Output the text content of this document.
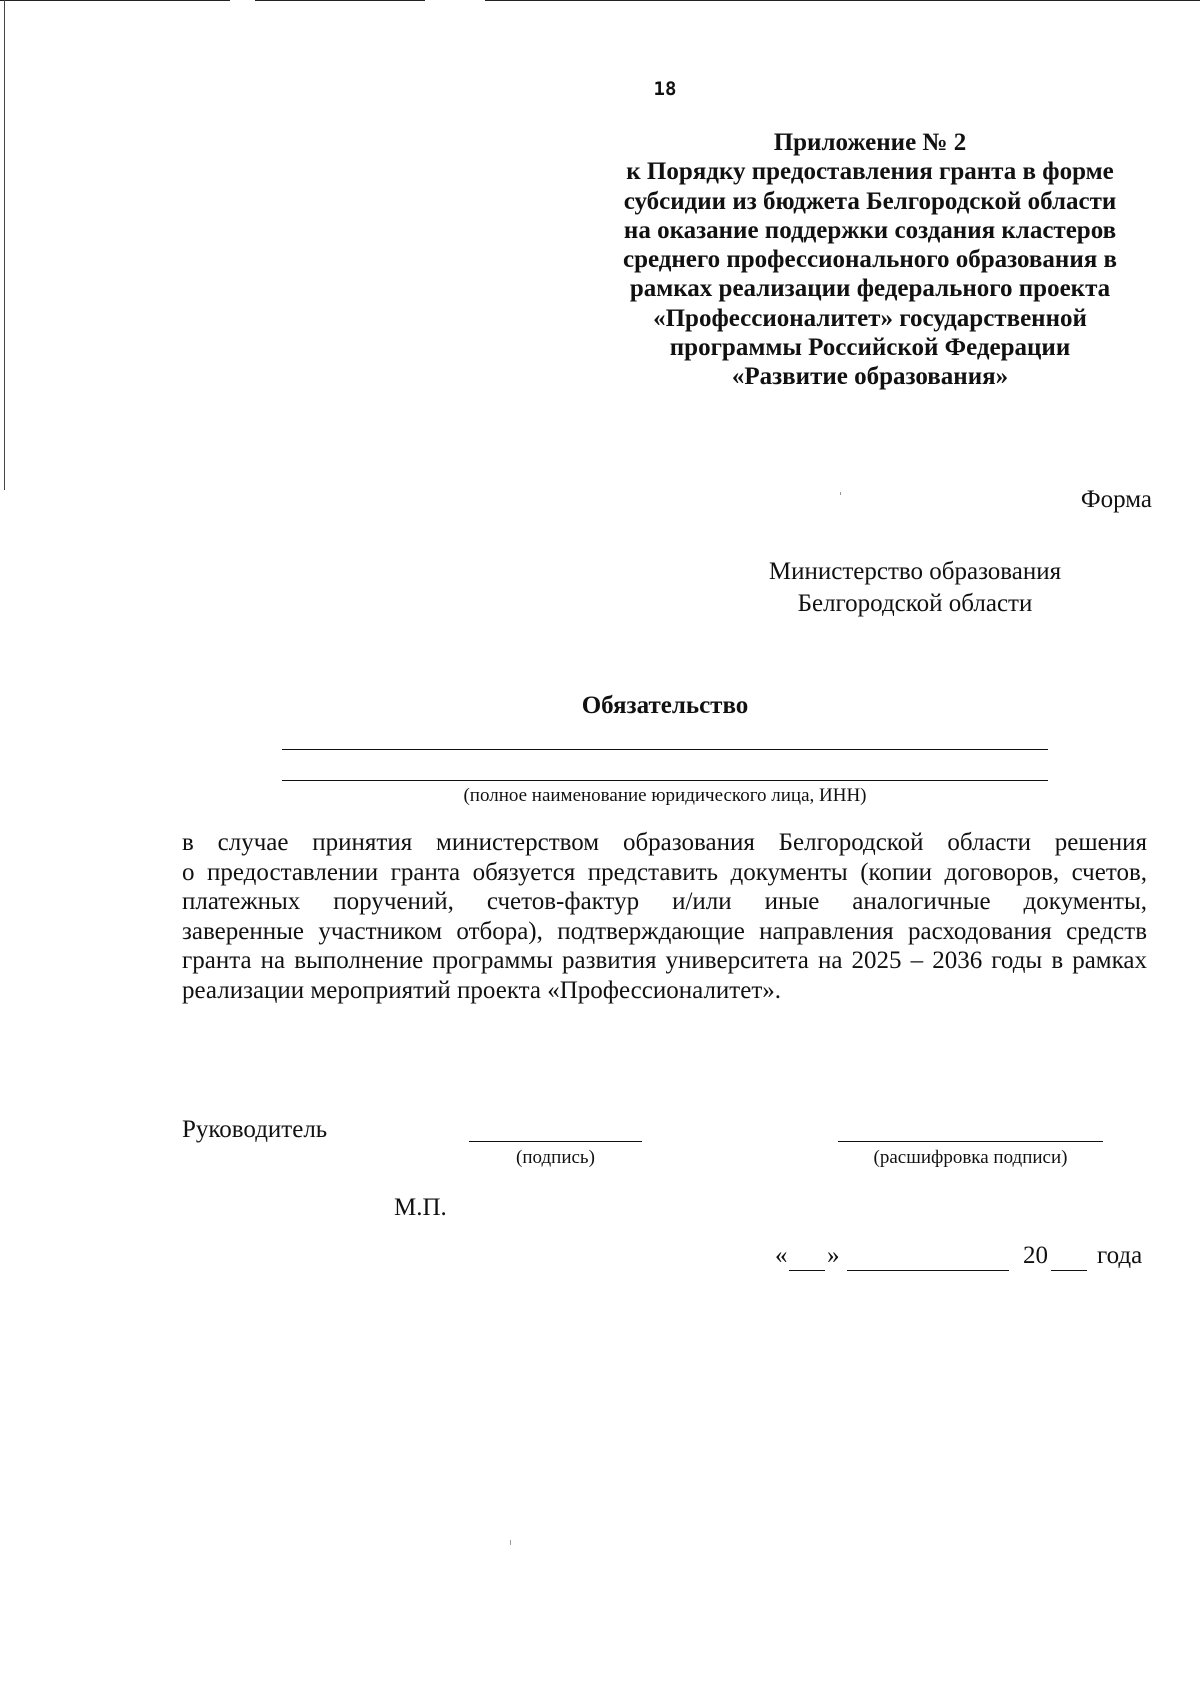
18
Приложение № 2
к Порядку предоставления гранта в форме
субсидии из бюджета Белгородской области
на оказание поддержки создания кластеров
среднего профессионального образования в
рамках реализации федерального проекта
«Профессионалитет» государственной
программы Российской Федерации
«Развитие образования»
Форма
Министерство образования
Белгородской области
Обязательство
(полное наименование юридического лица, ИНН)
в случае принятия министерством образования Белгородской области решения
о предоставлении гранта обязуется представить документы (копии договоров, счетов,
платежных поручений, счетов-фактур и/или иные аналогичные документы,
заверенные участником отбора), подтверждающие направления расходования средств
гранта на выполнение программы развития университета на 2025 – 2036 годы в рамках
реализации мероприятий проекта «Профессионалитет».
Руководитель
(подпись)	(расшифровка подписи)
М.П.
« »	20 года
